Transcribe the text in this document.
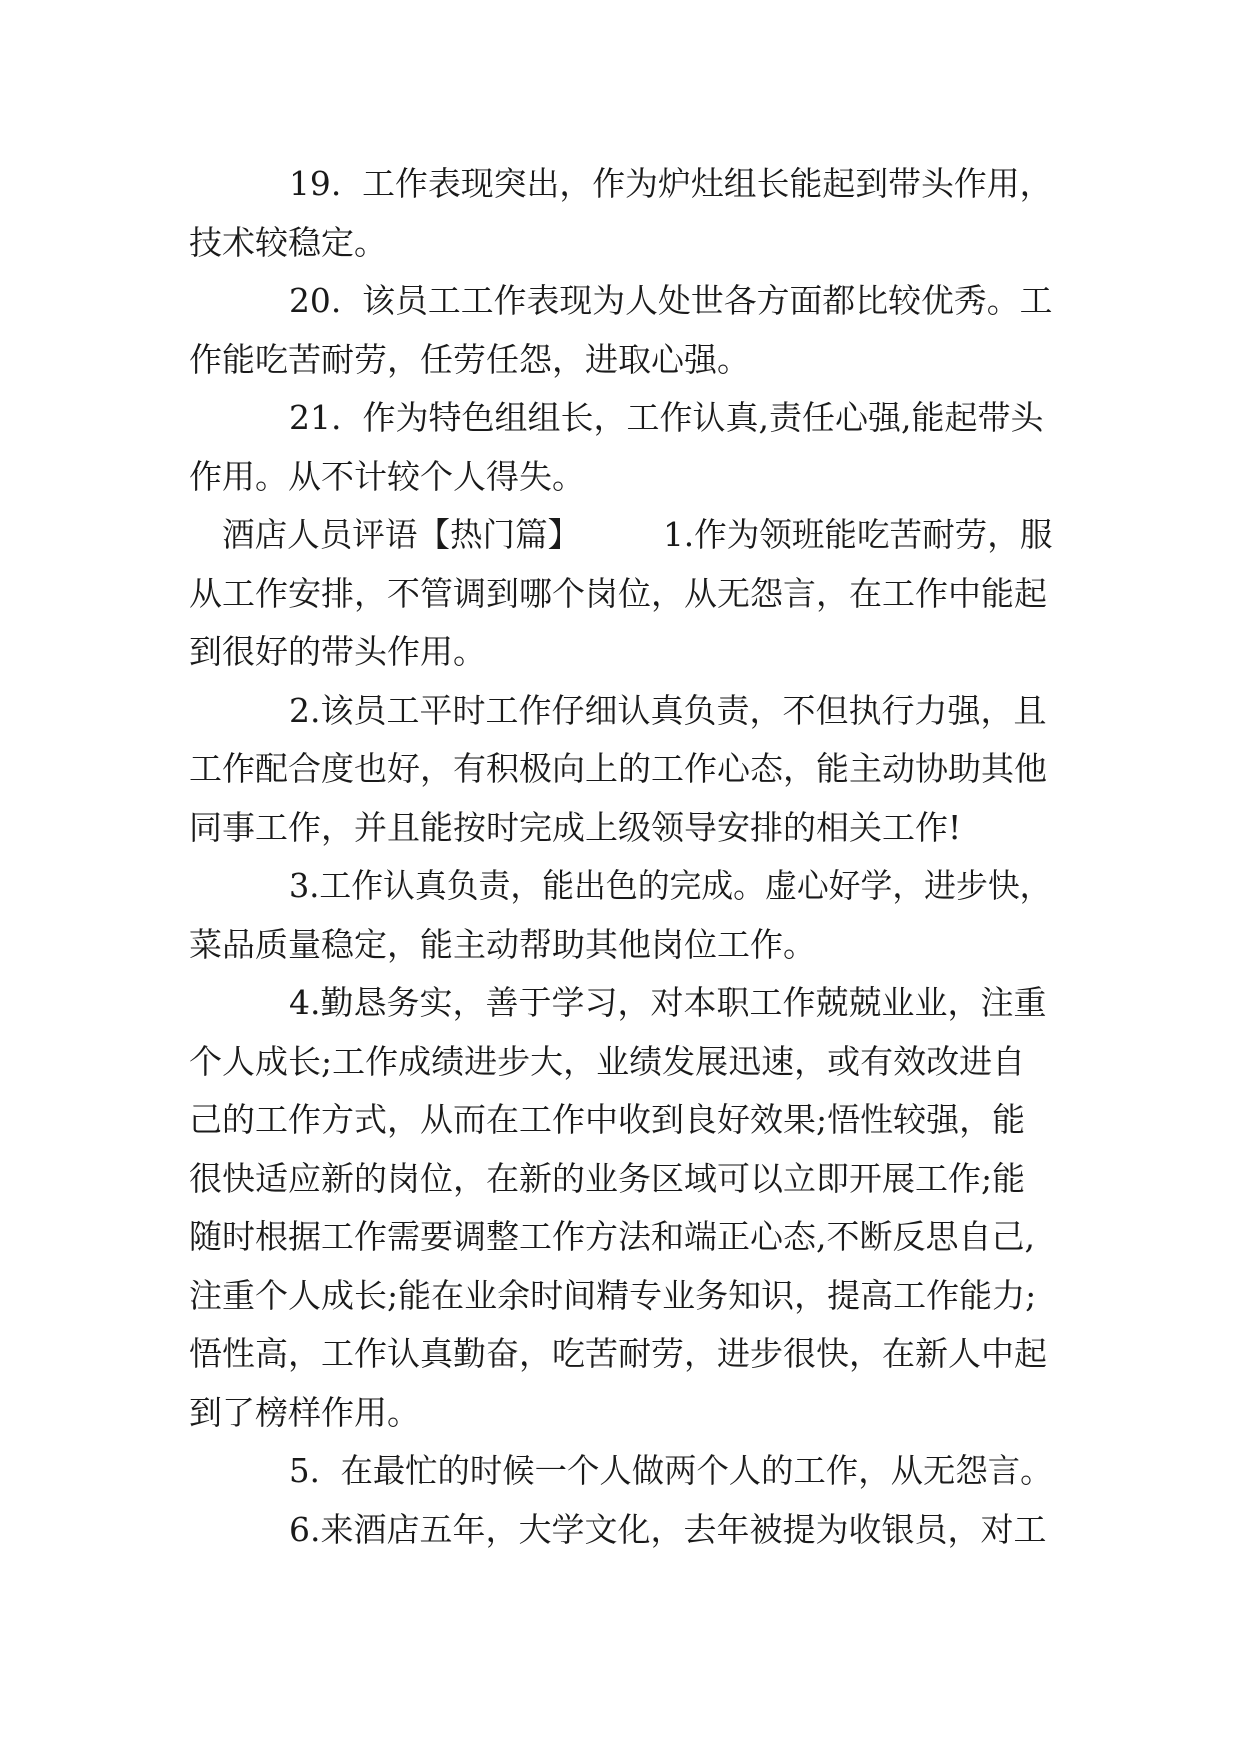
19.  工作表现突出，作为炉灶组长能起到带头作用，

技术较稳定。

20.  该员工工作表现为人处世各方面都比较优秀。工

作能吃苦耐劳，任劳任怨，进取心强。

21.  作为特色组组长，工作认真,责任心强,能起带头

作用。从不计较个人得失。

酒店人员评语【热门篇】        1.作为领班能吃苦耐劳，服

从工作安排，不管调到哪个岗位，从无怨言，在工作中能起

到很好的带头作用。

2.该员工平时工作仔细认真负责，不但执行力强，且

工作配合度也好，有积极向上的工作心态，能主动协助其他

同事工作，并且能按时完成上级领导安排的相关工作!

3.工作认真负责，能出色的完成。虚心好学，进步快，

菜品质量稳定，能主动帮助其他岗位工作。

4.勤恳务实，善于学习，对本职工作兢兢业业，注重

个人成长;工作成绩进步大，业绩发展迅速，或有效改进自

己的工作方式，从而在工作中收到良好效果;悟性较强，能

很快适应新的岗位，在新的业务区域可以立即开展工作;能

随时根据工作需要调整工作方法和端正心态,不断反思自己,

注重个人成长;能在业余时间精专业务知识，提高工作能力;

悟性高，工作认真勤奋，吃苦耐劳，进步很快，在新人中起

到了榜样作用。

5.  在最忙的时候一个人做两个人的工作，从无怨言。

6.来酒店五年，大学文化，去年被提为收银员，对工
